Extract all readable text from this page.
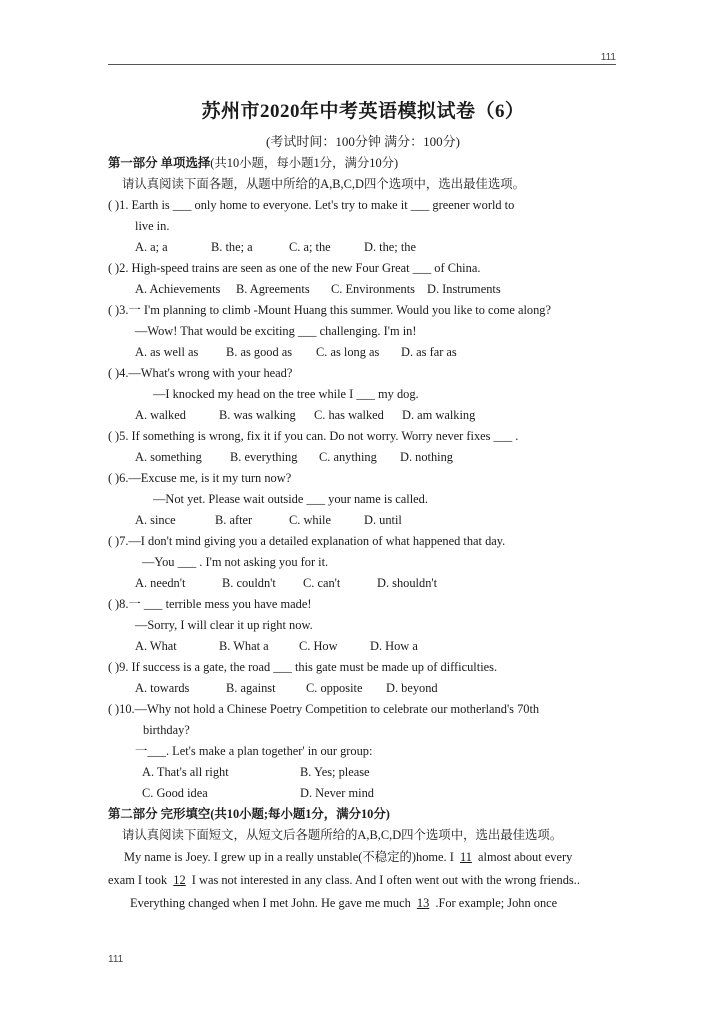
111
苏州市2020年中考英语模拟试卷（6）
(考试时间：100分钟 满分：100分)
第一部分 单项选择(共10小题，每小题1分，满分10分)
请认真阅读下面各题，从题中所给的A,B,C,D四个选项中，选出最佳选项。
( )1. Earth is ___ only home to everyone. Let's try to make it ___ greener world to
live in.
A. a; a	B. the; a	C. a; the	D. the; the
( )2. High-speed trains are seen as one of the new Four Great ___ of China.
A. Achievements	B. Agreements	C. Environments D. Instruments
( )3.一 I'm planning to climb -Mount Huang this summer. Would you like to come along?
—Wow! That would be exciting ___ challenging. I'm in!
A. as well as	B. as good as	C. as long as	D. as far as
( )4.—What's wrong with your head?
—I knocked my head on the tree while I ___ my dog.
A. walked	B. was walking	C. has walked	D. am walking
( )5. If something is wrong, fix it if you can. Do not worry. Worry never fixes ___ .
A. something	B. everything	C. anything	D. nothing
( )6.—Excuse me, is it my turn now?
—Not yet. Please wait outside ___ your name is called.
A. since	B. after	C. while	D. until
( )7.—I don't mind giving you a detailed explanation of what happened that day.
—You ___ . I'm not asking you for it.
A. needn't	B. couldn't	C. can't	D. shouldn't
( )8.一 ___ terrible mess you have made!
—Sorry, I will clear it up right now.
A. What	B. What a	C. How	D. How a
( )9. If success is a gate, the road ___ this gate must be made up of difficulties.
A. towards	B. against	C. opposite	D. beyond
( )10.—Why not hold a Chinese Poetry Competition to celebrate our motherland's 70th
birthday?
一___. Let's make a plan together' in our group:
A. That's all right	B. Yes; please
C. Good idea	D. Never mind
第二部分 完形填空(共10小题;每小题1分，满分10分)
请认真阅读下面短文，从短文后各题所给的A,B,C,D四个选项中，选出最佳选项。
My name is Joey. I grew up in a really unstable(不稳定的)home. I 11 almost about every
exam I took 12 I was not interested in any class. And I often went out with the wrong friends..
Everything changed when I met John. He gave me much 13 .For example; John once
111
